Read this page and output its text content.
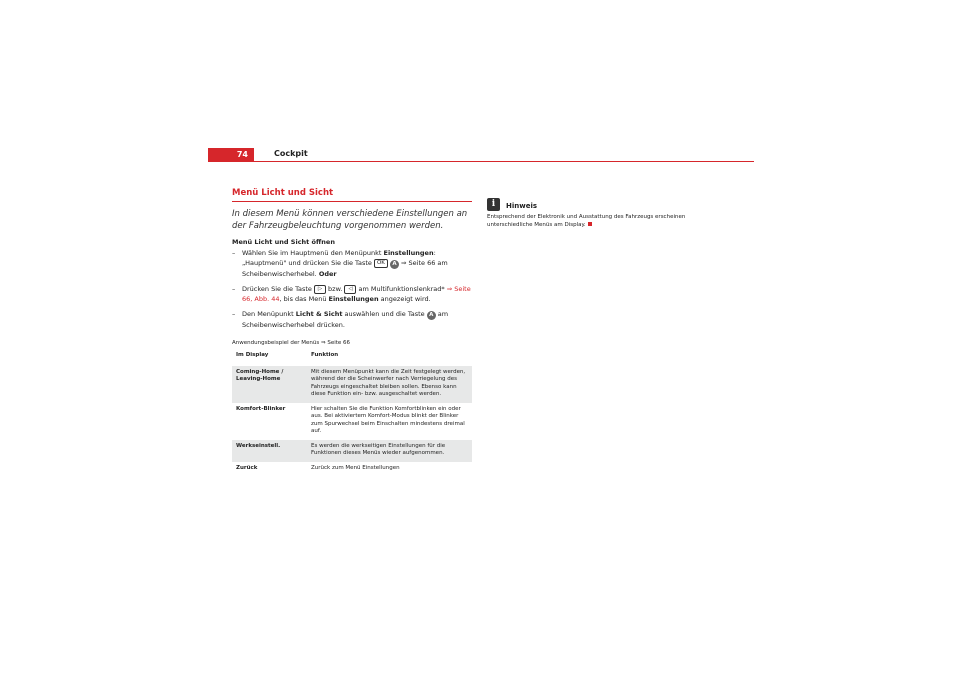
74	Cockpit
Menü Licht und Sicht

In diesem Menü können verschiedene Einstellungen an der Fahrzeugbeleuchtung vorgenommen werden.

Menü Licht und Sicht öffnen

– Wählen Sie im Hauptmenü den Menüpunkt Einstellungen: „Hauptmenü" und drücken Sie die Taste OK A ⇒ Seite 66 am Scheibenwischerhebel. Oder
– Drücken Sie die Taste ▷ bzw. ◁ am Multifunktionslenkrad* ⇒ Seite 66, Abb. 44, bis das Menü Einstellungen angezeigt wird.
– Den Menüpunkt Licht & Sicht auswählen und die Taste A am Scheibenwischerhebel drücken.

Anwendungsbeispiel der Menüs ⇒ Seite 66

Im Display	Funktion
Coming-Home / Leaving-Home	Mit diesem Menüpunkt kann die Zeit festgelegt werden, während der die Scheinwerfer nach Verriegelung des Fahrzeugs eingeschaltet bleiben sollen. Ebenso kann diese Funktion ein- bzw. ausgeschaltet werden.
Komfort-Blinker	Hier schalten Sie die Funktion Komfortblinken ein oder aus. Bei aktiviertem Komfort-Modus blinkt der Blinker zum Spurwechsel beim Einschalten mindestens dreimal auf.
Werkseinstell.	Es werden die werkseitigen Einstellungen für die Funktionen dieses Menüs wieder aufgenommen.
Zurück	Zurück zum Menü Einstellungen
i Hinweis
Entsprechend der Elektronik und Ausstattung des Fahrzeugs erscheinen unterschiedliche Menüs am Display.
